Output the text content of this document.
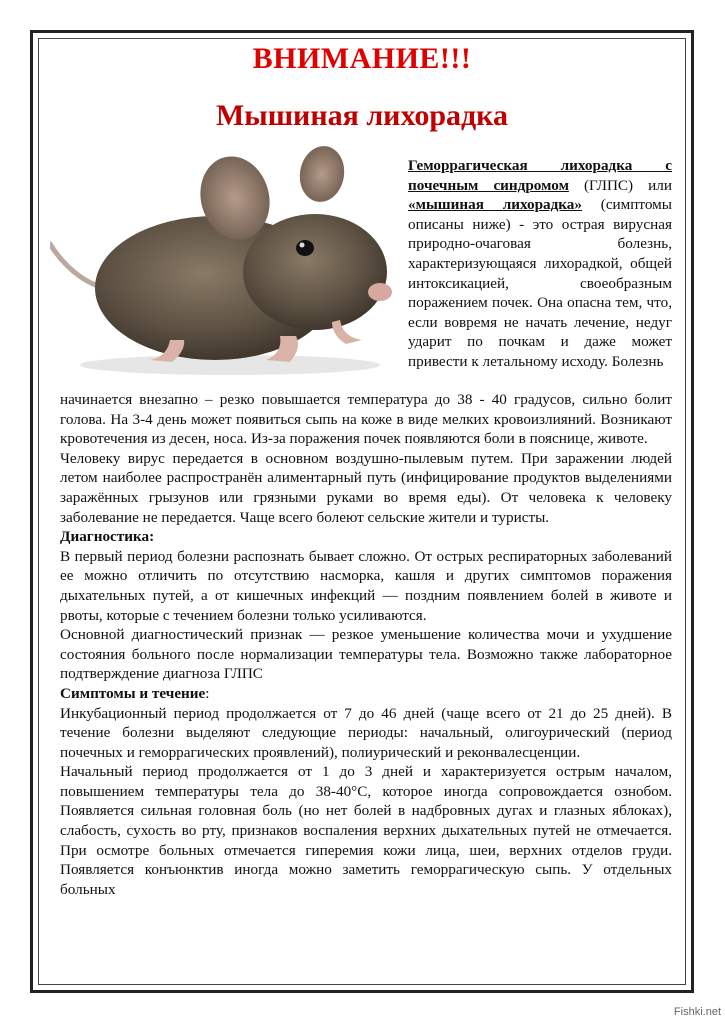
ВНИМАНИЕ!!!
Мышиная лихорадка

Геморрагическая лихорадка с почечным синдромом (ГЛПС) или «мышиная лихорадка» (симптомы описаны ниже) - это острая вирусная природно-очаговая болезнь, характеризующаяся лихорадкой, общей интоксикацией, своеобразным поражением почек. Она опасна тем, что, если вовремя не начать лечение, недуг ударит по почкам и даже может привести к летальному исходу. Болезнь

начинается внезапно – резко повышается температура до 38 - 40 градусов, сильно болит голова. На 3-4 день может появиться сыпь на коже в виде мелких кровоизлияний. Возникают кровотечения из десен, носа. Из-за поражения почек появляются боли в пояснице, животе.

Человеку вирус передается в основном воздушно-пылевым путем. При заражении людей летом наиболее распространён алиментарный путь (инфицирование продуктов выделениями заражённых грызунов или грязными руками во время еды). От человека к человеку заболевание не передается. Чаще всего болеют сельские жители и туристы.

Диагностика:

В первый период болезни распознать бывает сложно. От острых респираторных заболеваний ее можно отличить по отсутствию насморка, кашля и других симптомов поражения дыхательных путей, а от кишечных инфекций — поздним появлением болей в животе и рвоты, которые с течением болезни только усиливаются.

Основной диагностический признак — резкое уменьшение количества мочи и ухудшение состояния больного после нормализации температуры тела. Возможно также лабораторное подтверждение диагноза ГЛПС

Симптомы и течение:

Инкубационный период продолжается от 7 до 46 дней (чаще всего от 21 до 25 дней). В течение болезни выделяют следующие периоды: начальный, олигоурический (период почечных и геморрагических проявлений), полиурический и реконвалесценции.

Начальный период продолжается от 1 до 3 дней и характеризуется острым началом, повышением температуры тела до 38-40°С, которое иногда сопровождается ознобом. Появляется сильная головная боль (но нет болей в надбровных дугах и глазных яблоках), слабость, сухость во рту, признаков воспаления верхних дыхательных путей не отмечается. При осмотре больных отмечается гиперемия кожи лица, шеи, верхних отделов груди. Появляется конъюнктив иногда можно заметить геморрагическую сыпь. У отдельных больных

Fishki.net
